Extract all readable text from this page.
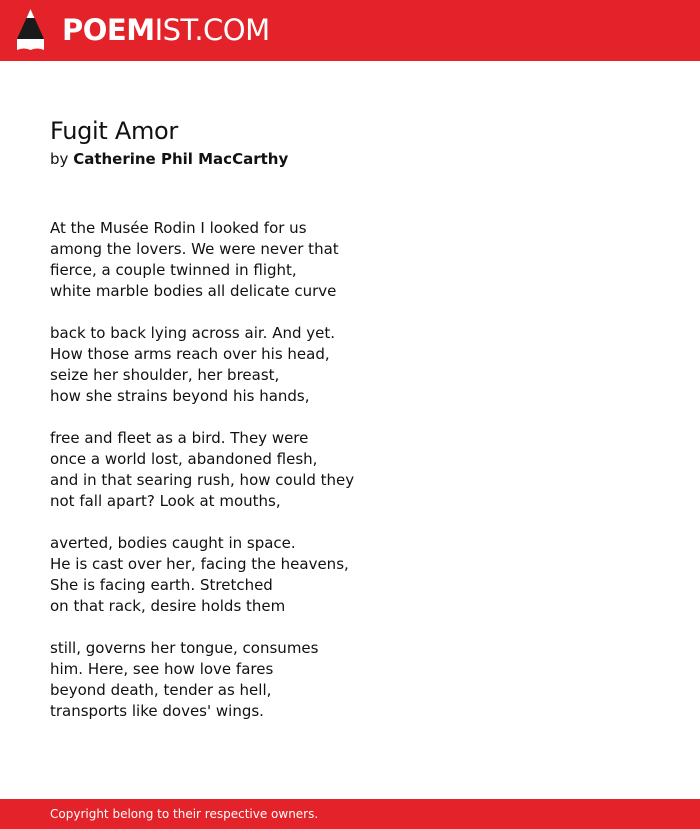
POEMIST.COM
Fugit Amor
by Catherine Phil MacCarthy
At the Musée Rodin I looked for us
among the lovers. We were never that
fierce, a couple twinned in flight,
white marble bodies all delicate curve
back to back lying across air. And yet.
How those arms reach over his head,
seize her shoulder, her breast,
how she strains beyond his hands,
free and fleet as a bird. They were
once a world lost, abandoned flesh,
and in that searing rush, how could they
not fall apart? Look at mouths,
averted, bodies caught in space.
He is cast over her, facing the heavens,
She is facing earth. Stretched
on that rack, desire holds them
still, governs her tongue, consumes
him. Here, see how love fares
beyond death, tender as hell,
transports like doves' wings.
Copyright belong to their respective owners.
